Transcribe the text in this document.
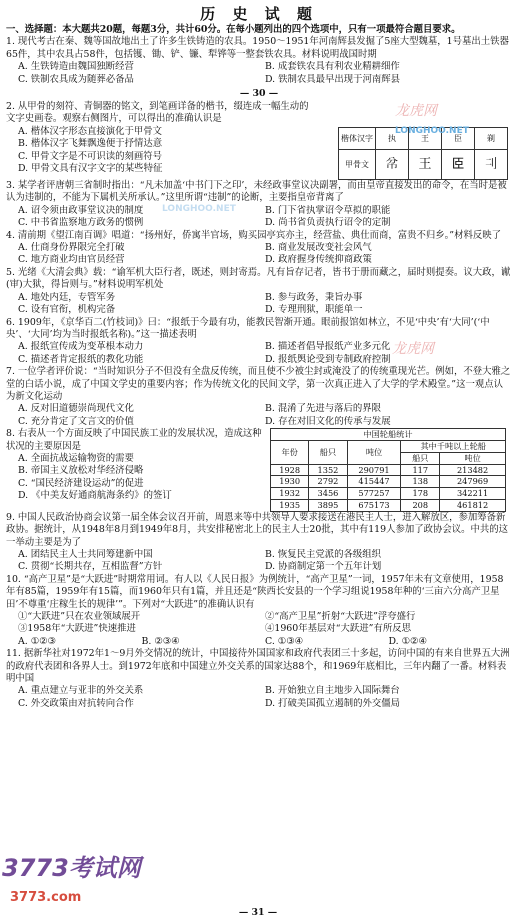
历 史 试 题

一、选择题：本大题共20题，每题3分，共计60分。在每小题列出的四个选项中，只有一项最符合题目要求。

1. 现代考古在秦、魏等国故地出土了许多生铁铸造的农具。1950～1951年河南辉县发掘了5座大型魏墓，1号墓出土铁器65件，其中农具占58件，包括镬、锄、铲、镰、犁铧等一整套铁农具。材料说明战国时期

A. 生铁铸造由魏国独断经营	B. 成套铁农具有利农业精耕细作
C. 铁制农具成为随葬必备品	D. 铁制农具最早出现于河南辉县
— 30 —

2. 从甲骨的刻符、青铜器的铭文，到笔画详备的楷书，缀连成一幅生动的文字史画卷。观察右侧图片，可以得出的准确认识是

A. 楷体汉字形态直接演化于甲骨文
B. 楷体汉字飞舞飘逸便于抒情达意
C. 甲骨文字是不可识读的刻画符号
D. 甲骨文具有汉字文字的某些特征
楷体汉字	执	王	臣	剃
甲骨文	𢁥	王	𦣞	𠚧

3. 某学者评唐朝三省制时指出：“凡未加盖‘中书门下之印’，未经政事堂议决副署，而由皇帝直接发出的命令，在当时是被认为违制的，不能为下属机关所承认。”这里所谓“违制”的论断，主要指皇帝背离了

A. 诏令须由政事堂议决的制度	B. 门下省执掌诏令草拟的职能
C. 中书省监察地方政务的惯例	D. 尚书省负责执行诏令的定制

4. 清前期《望江南百调》唱道：“扬州好，侨寓半官场，购买园亭宾亦主，经营盐、典仕而商，富贵不归乡。”材料反映了

A. 仕商身份界限完全打破	B. 商业发展改变社会风气
C. 地方商业均由官员经营	D. 政府握身传统抑商政策

5. 光绪《大清会典》载：“谕军机大臣行者，既述，则封寄焉。凡有旨存记者，皆书于册而藏之，届时则提奏。议大政，谳(审)大狱，得旨则与。”材料说明军机处

A. 地处内廷，专管军务	B. 参与政务，秉旨办事
C. 设有官衔，机构完备	D. 专理刑狱，职能单一

6. 1909年，《京华百二(竹枝词)》曰：“报纸于今最有功，能教民智渐开通。眼前报馆如林立，不见‘中央’有‘大同’(‘中央’、‘大同’均为当时报纸名称)。”这一描述表明

A. 报纸宣传成为变革根本动力	B. 描述者倡导报纸产业多元化
C. 描述者肯定报纸的教化功能	D. 报纸舆论受到专制政府控制

7. 一位学者评价说：“当时知识分子不但没有全盘反传统，而且使不少被尘封或淹没了的传统重现光芒。例如，不登大雅之堂的白话小说，成了中国文学史的重要内容；作为传统文化的民间文学，第一次真正进入了大学的学术殿堂。”这一观点认为新文化运动

A. 反对旧道德崇尚现代文化	B. 混淆了先进与落后的界限
C. 充分肯定了文言文的价值	D. 存在对旧文化的传承与发展

8. 右表从一个方面反映了中国民族工业的发展状况，造成这种状况的主要原因是

A. 全面抗战运输物资的需要
B. 帝国主义放松对华经济侵略
C. “国民经济建设运动”的促进
D. 《中美友好通商航海条约》的签订
中国轮船统计				
年份	船只	吨位	其中千吨以上轮船	
			船只	吨位
1928	1352	290791	117	213482
1930	2792	415447	138	247969
1932	3456	577257	178	342211
1935	3895	675173	208	461812

9. 中国人民政治协商会议第一届全体会议召开前，周恩来等中共领导人要求接送在港民主人士，进入解放区，参加筹备新政协。据统计，从1948年8月到1949年8月，共安排秘密北上的民主人士20批，其中有119人参加了政协会议。中共的这一举动主要是为了

A. 团结民主人士共同筹建新中国	B. 恢复民主党派的各级组织
C. 贯彻“长期共存，互相监督”方针	D. 协商制定第一个五年计划

10. “高产卫星”是“大跃进”时期常用词。有人以《人民日报》为例统计，“高产卫星”一词，1957年未有文章使用，1958年有85篇，1959年有15篇，而1960年只有1篇，并且还是“陕西长安县的一个学习组说1958年种的‘三亩六分高产卫星田’不尊重‘庄稼生长的规律’”。下列对“大跃进”的准确认识有

①“大跃进”只在农业领域展开	②“高产卫星”折射“大跃进”浮夸盛行
③1958年“大跃进”快速推进	④1960年基层对“大跃进”有所反思
A. ①②③	B. ②③④	C. ①③④	D. ①②④

11. 据新华社对1972年1～9月外交情况的统计，中国接待外国国家和政府代表团三十多起，访问中国的有来自世界五大洲的政府代表团和各界人士。到1972年底和中国建立外交关系的国家达88个，和1969年底相比，三年内翻了一番。材料表明中国

A. 重点建立与亚非的外交关系	B. 开始独立自主地步入国际舞台
C. 外交政策由对抗转向合作	D. 打破美国孤立遏制的外交僵局
— 31 —
龙虎网
LONGHOO.NET
龙虎网
LONGHOO.NET
3773考试网
3773.com
